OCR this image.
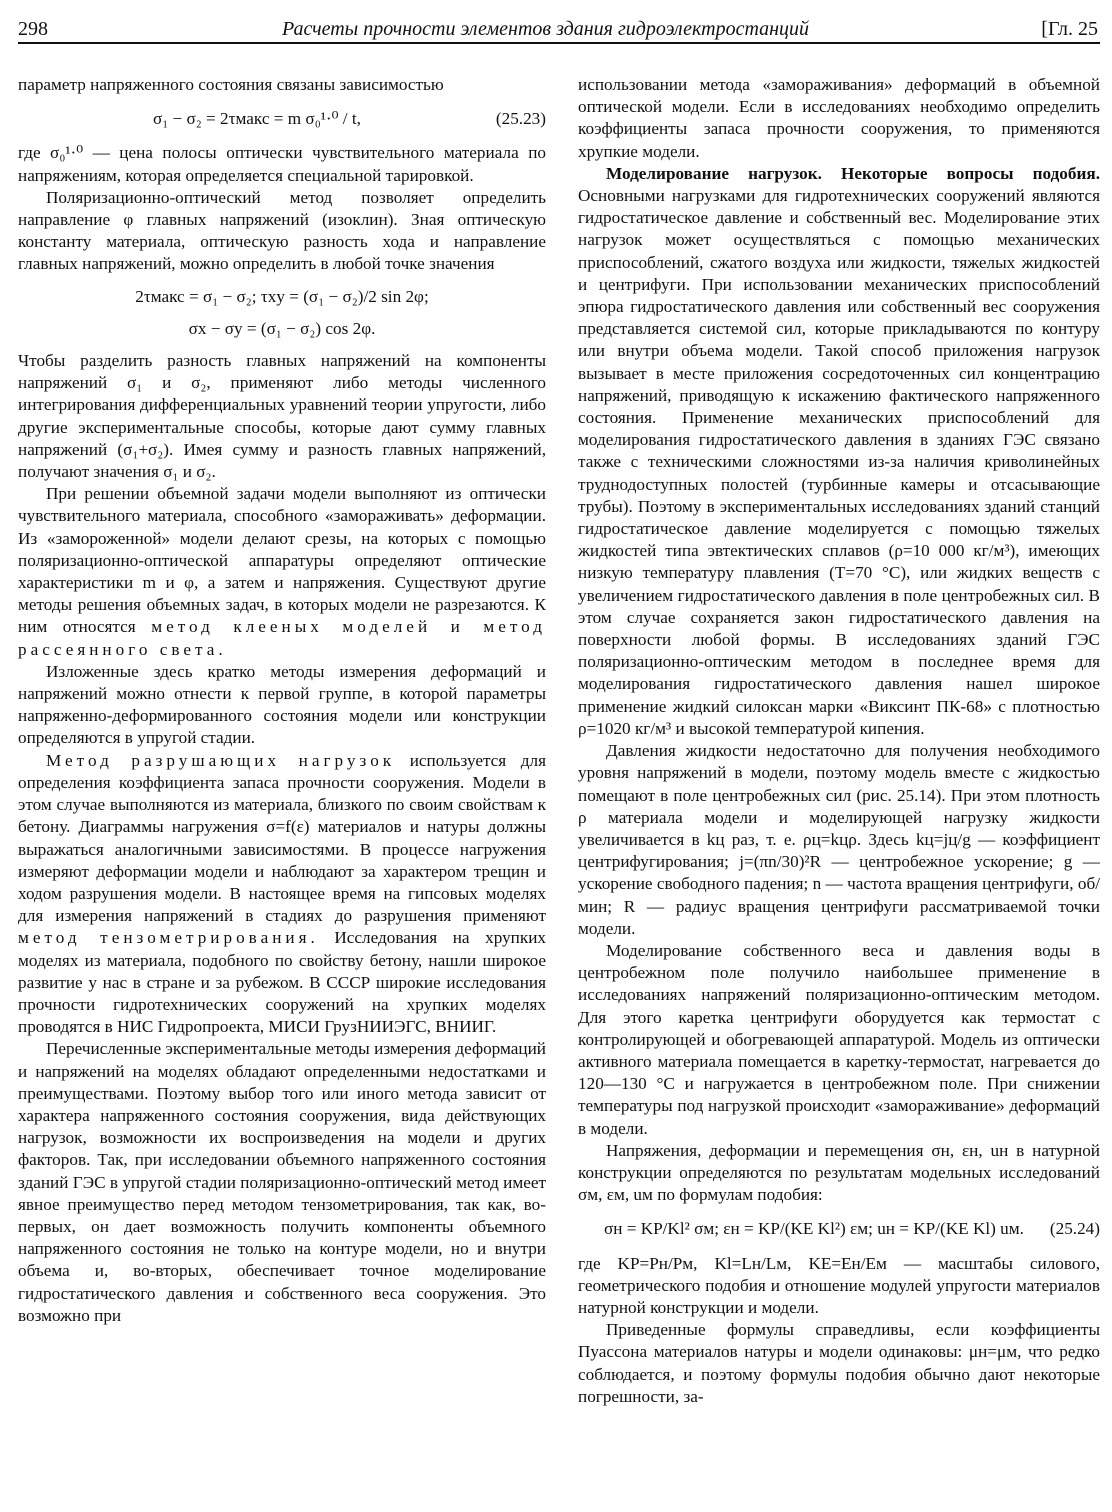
298	Расчеты прочности элементов здания гидроэлектростанций	[Гл. 25

параметр напряженного состояния связаны зависимостью

σ₁ − σ₂ = 2τмакс = m σ₀¹·⁰ / t,	(25.23)

где σ₀¹·⁰ — цена полосы оптически чувствительного материала по напряжениям, которая определяется специальной тарировкой.

Поляризационно-оптический метод позволяет определить направление φ главных напряжений (изоклин). Зная оптическую константу материала, оптическую разность хода и направление главных напряжений, можно определить в любой точке значения

2τмакс = σ₁ − σ₂; τxy = (σ₁ − σ₂)/2 sin 2φ;

σx − σy = (σ₁ − σ₂) cos 2φ.

Чтобы разделить разность главных напряжений на компоненты напряжений σ₁ и σ₂, применяют либо методы численного интегрирования дифференциальных уравнений теории упругости, либо другие экспериментальные способы, которые дают сумму главных напряжений (σ₁+σ₂). Имея сумму и разность главных напряжений, получают значения σ₁ и σ₂.

При решении объемной задачи модели выполняют из оптически чувствительного материала, способного «замораживать» деформации. Из «замороженной» модели делают срезы, на которых с помощью поляризационно-оптической аппаратуры определяют оптические характеристики m и φ, а затем и напряжения. Существуют другие методы решения объемных задач, в которых модели не разрезаются. К ним относятся метод клееных моделей и метод рассеянного света.

Изложенные здесь кратко методы измерения деформаций и напряжений можно отнести к первой группе, в которой параметры напряженно-деформированного состояния модели или конструкции определяются в упругой стадии.

Метод разрушающих нагрузок используется для определения коэффициента запаса прочности сооружения. Модели в этом случае выполняются из материала, близкого по своим свойствам к бетону. Диаграммы нагружения σ=f(ε) материалов и натуры должны выражаться аналогичными зависимостями. В процессе нагружения измеряют деформации модели и наблюдают за характером трещин и ходом разрушения модели. В настоящее время на гипсовых моделях для измерения напряжений в стадиях до разрушения применяют метод тензометрирования. Исследования на хрупких моделях из материала, подобного по свойству бетону, нашли широкое развитие у нас в стране и за рубежом. В СССР широкие исследования прочности гидротехнических сооружений на хрупких моделях проводятся в НИС Гидропроекта, МИСИ ГрузНИИЭГС, ВНИИГ.

Перечисленные экспериментальные методы измерения деформаций и напряжений на моделях обладают определенными недостатками и преимуществами. Поэтому выбор того или иного метода зависит от характера напряженного состояния сооружения, вида действующих нагрузок, возможности их воспроизведения на модели и других факторов. Так, при исследовании объемного напряженного состояния зданий ГЭС в упругой стадии поляризационно-оптический метод имеет явное преимущество перед методом тензометрирования, так как, во-первых, он дает возможность получить компоненты объемного напряженного состояния не только на контуре модели, но и внутри объема и, во-вторых, обеспечивает точное моделирование гидростатического давления и собственного веса сооружения. Это возможно при

использовании метода «замораживания» деформаций в объемной оптической модели. Если в исследованиях необходимо определить коэффициенты запаса прочности сооружения, то применяются хрупкие модели.

Моделирование нагрузок. Некоторые вопросы подобия. Основными нагрузками для гидротехнических сооружений являются гидростатическое давление и собственный вес. Моделирование этих нагрузок может осуществляться с помощью механических приспособлений, сжатого воздуха или жидкости, тяжелых жидкостей и центрифуги. При использовании механических приспособлений эпюра гидростатического давления или собственный вес сооружения представляется системой сил, которые прикладываются по контуру или внутри объема модели. Такой способ приложения нагрузок вызывает в месте приложения сосредоточенных сил концентрацию напряжений, приводящую к искажению фактического напряженного состояния. Применение механических приспособлений для моделирования гидростатического давления в зданиях ГЭС связано также с техническими сложностями из-за наличия криволинейных труднодоступных полостей (турбинные камеры и отсасывающие трубы). Поэтому в экспериментальных исследованиях зданий станций гидростатическое давление моделируется с помощью тяжелых жидкостей типа эвтектических сплавов (ρ=10 000 кг/м³), имеющих низкую температуру плавления (T=70 °C), или жидких веществ с увеличением гидростатического давления в поле центробежных сил. В этом случае сохраняется закон гидростатического давления на поверхности любой формы. В исследованиях зданий ГЭС поляризационно-оптическим методом в последнее время для моделирования гидростатического давления нашел широкое применение жидкий силоксан марки «Виксинт ПК-68» с плотностью ρ=1020 кг/м³ и высокой температурой кипения.

Давления жидкости недостаточно для получения необходимого уровня напряжений в модели, поэтому модель вместе с жидкостью помещают в поле центробежных сил (рис. 25.14). При этом плотность ρ материала модели и моделирующей нагрузку жидкости увеличивается в kц раз, т. е. ρц=kцρ. Здесь kц=jц/g — коэффициент центрифугирования; j=(πn/30)²R — центробежное ускорение; g — ускорение свободного падения; n — частота вращения центрифуги, об/мин; R — радиус вращения центрифуги рассматриваемой точки модели.

Моделирование собственного веса и давления воды в центробежном поле получило наибольшее применение в исследованиях напряжений поляризационно-оптическим методом. Для этого каретка центрифуги оборудуется как термостат с контролирующей и обогревающей аппаратурой. Модель из оптически активного материала помещается в каретку-термостат, нагревается до 120—130 °C и нагружается в центробежном поле. При снижении температуры под нагрузкой происходит «замораживание» деформаций в модели.

Напряжения, деформации и перемещения σн, εн, uн в натурной конструкции определяются по результатам модельных исследований σм, εм, uм по формулам подобия:

σн = KP/Kl² σм; εн = KP/(KE Kl²) εм; uн = KP/(KE Kl) uм.	(25.24)

где KP=Pн/Pм, Kl=Lн/Lм, KE=Eн/Eм — масштабы силового, геометрического подобия и отношение модулей упругости материалов натурной конструкции и модели.

Приведенные формулы справедливы, если коэффициенты Пуассона материалов натуры и модели одинаковы: μн=μм, что редко соблюдается, и поэтому формулы подобия обычно дают некоторые погрешности, за-
